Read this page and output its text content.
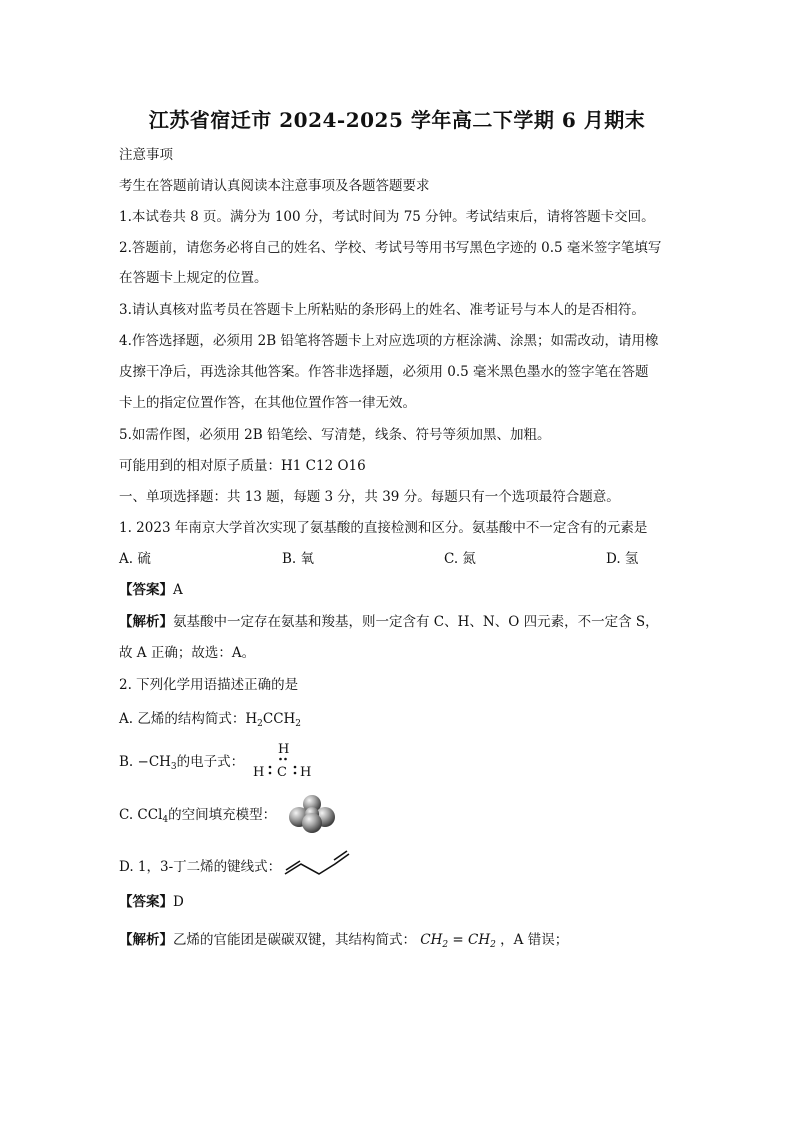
江苏省宿迁市 2024-2025 学年高二下学期 6 月期末
注意事项
考生在答题前请认真阅读本注意事项及各题答题要求
1.本试卷共 8 页。满分为 100 分，考试时间为 75 分钟。考试结束后，请将答题卡交回。
2.答题前，请您务必将自己的姓名、学校、考试号等用书写黑色字迹的 0.5 毫米签字笔填写
在答题卡上规定的位置。
3.请认真核对监考员在答题卡上所粘贴的条形码上的姓名、准考证号与本人的是否相符。
4.作答选择题，必须用 2B 铅笔将答题卡上对应选项的方框涂满、涂黑；如需改动，请用橡
皮擦干净后，再选涂其他答案。作答非选择题，必须用 0.5 毫米黑色墨水的签字笔在答题
卡上的指定位置作答，在其他位置作答一律无效。
5.如需作图，必须用 2B 铅笔绘、写清楚，线条、符号等须加黑、加粗。
可能用到的相对原子质量：H1 C12 O16
一、单项选择题：共 13 题，每题 3 分，共 39 分。每题只有一个选项最符合题意。
1. 2023 年南京大学首次实现了氨基酸的直接检测和区分。氨基酸中不一定含有的元素是
A. 硫	B. 氧	C. 氮	D. 氢
【答案】A
【解析】氨基酸中一定存在氨基和羧基，则一定含有 C、H、N、O 四元素，不一定含 S，
故 A 正确；故选：A。
2. 下列化学用语描述正确的是
A. 乙烯的结构简式：$H_2CCH_2$
B. $-CH_3$的电子式：
H
H C H
C. CCl$_4$的空间填充模型：
D. 1，3-丁二烯的键线式：
【答案】D
【解析】乙烯的官能团是碳碳双键，其结构简式： $CH_2 = CH_2$ ，A 错误；
